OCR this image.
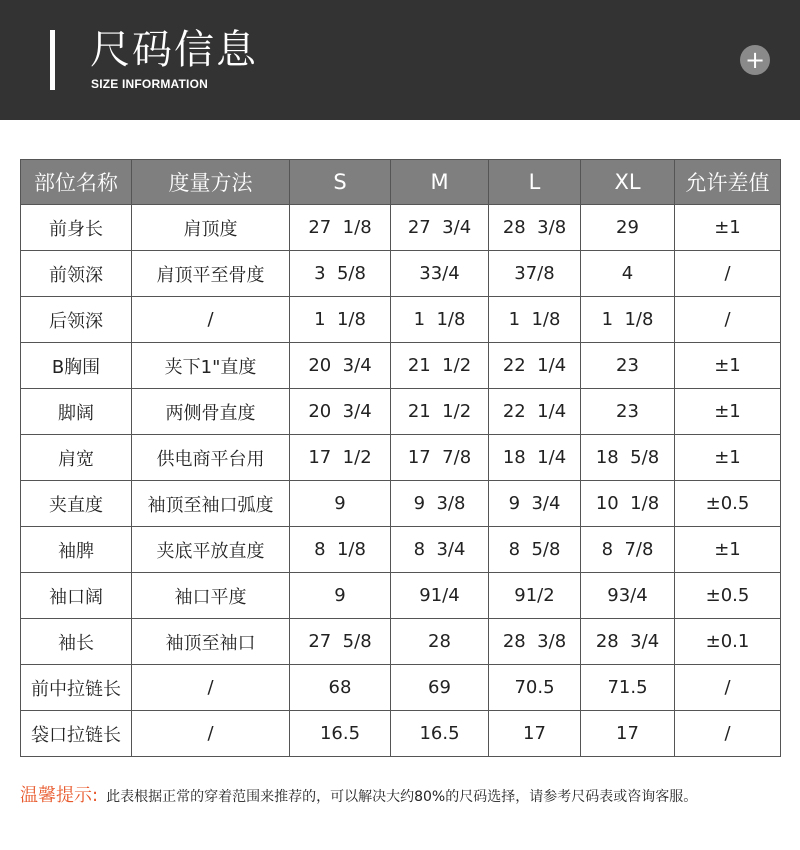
尺码信息
SIZE INFORMATION
+
部位名称	度量方法	S	M	L	XL	允许差值
前身长	肩顶度	27  1/8	27  3/4	28  3/8	29	±1
前领深	肩顶平至骨度	3  5/8	33/4	37/8	4	/
后领深	/	1  1/8	1  1/8	1  1/8	1  1/8	/
B胸围	夹下1"直度	20  3/4	21  1/2	22  1/4	23	±1
脚阔	两侧骨直度	20  3/4	21  1/2	22  1/4	23	±1
肩宽	供电商平台用	17  1/2	17  7/8	18  1/4	18  5/8	±1
夹直度	袖顶至袖口弧度	9	9  3/8	9  3/4	10  1/8	±0.5
袖脾	夹底平放直度	8  1/8	8  3/4	8  5/8	8  7/8	±1
袖口阔	袖口平度	9	91/4	91/2	93/4	±0.5
袖长	袖顶至袖口	27  5/8	28	28  3/8	28  3/4	±0.1
前中拉链长	/	68	69	70.5	71.5	/
袋口拉链长	/	16.5	16.5	17	17	/
温馨提示: 此表根据正常的穿着范围来推荐的，可以解决大约80%的尺码选择，请参考尺码表或咨询客服。
